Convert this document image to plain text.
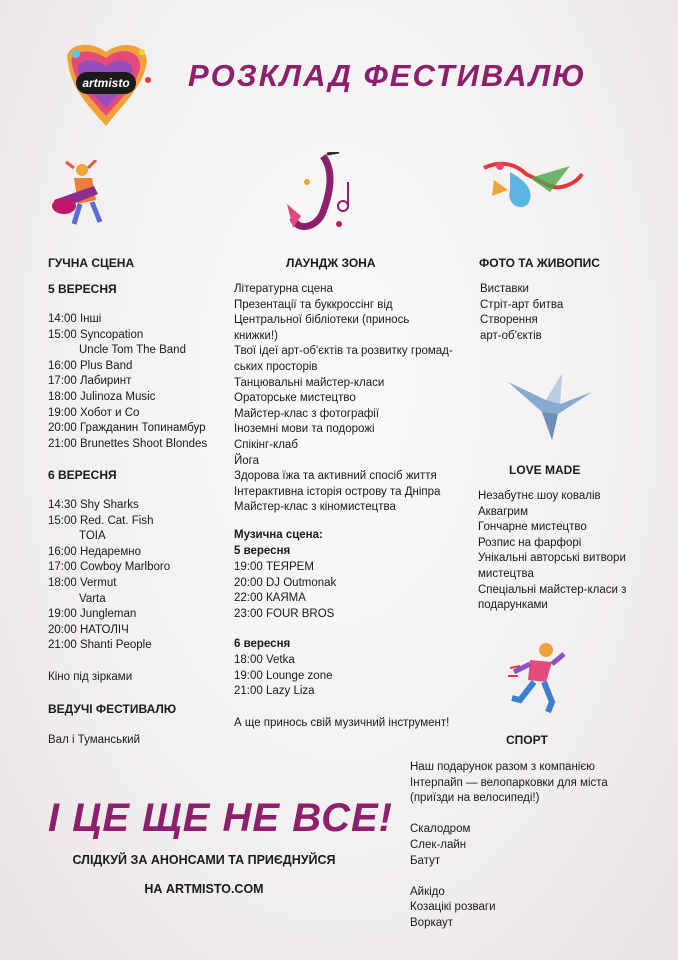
artmisto РОЗКЛАД ФЕСТИВАЛЮ
ГУЧНА СЦЕНА
5 ВЕРЕСНЯ
14:00 Інші
15:00 Syncopation
Uncle Tom The Band
16:00 Plus Band
17:00 Лабиринт
18:00 Julinoza Music
19:00 Хобот и Co
20:00 Гражданин Топинамбур
21:00 Brunettes Shoot Blondes
6 ВЕРЕСНЯ
14:30 Shy Sharks
15:00 Red. Cat. Fish
TOIA
16:00 Недаремно
17:00 Cowboy Marlboro
18:00 Vermut
Varta
19:00 Jungleman
20:00 НАТОЛІЧ
21:00 Shanti People
Кіно під зірками
ВЕДУЧІ ФЕСТИВАЛЮ
Вал і Туманський
ЛАУНДЖ ЗОНА
Літературна сцена
Презентації та буккроссінг від
Центральної бібліотеки (принось
книжки!)
Твої ідеї арт-об'єктів та розвитку громад-
ських просторів
Танцювальні майстер-класи
Ораторське мистецтво
Майстер-клас з фотографії
Іноземні мови та подорожі
Спікінг-клаб
Йога
Здорова їжа та активний спосіб життя
Інтерактивна історія острову та Дніпра
Майстер-клас з кіномистецтва
Музична сцена:
5 вересня
19:00 ТЕЯРЕМ
20:00 DJ Outmonak
22:00 КАЯМА
23:00 FOUR BROS
6 вересня
18:00 Vetka
19:00 Lounge zone
21:00 Lazy Liza
А ще принось свій музичний інструмент!
ФОТО ТА ЖИВОПИС
Виставки
Стріт-арт битва
Створення
арт-об'єктів
LOVE MADE
Незабутнє шоу ковалів
Аквагрим
Гончарне мистецтво
Розпис на фарфорі
Унікальні авторські витвори
мистецтва
Спеціальні майстер-класи з
подарунками
СПОРТ
Наш подарунок разом з компанією
Інтерпайп — велопарковки для міста
(приїзди на велосипеді!)
Скалодром
Слек-лайн
Батут
Айкідо
Козацікі розваги
Воркаут
І ЦЕ ЩЕ НЕ ВСЕ!
СЛІДКУЙ ЗА АНОНСАМИ ТА ПРИЄДНУЙСЯ
НА ARTMISTO.COM
